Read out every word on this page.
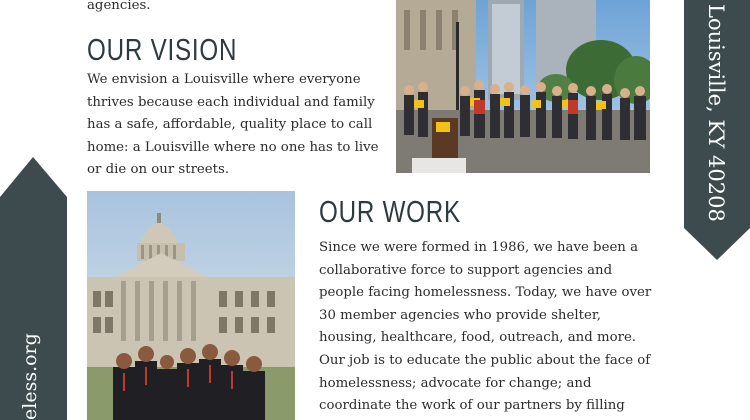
eless.org
Louisville, KY 40208
agencies.
OUR VISION
We envision a Louisville where everyone
thrives because each individual and family
has a safe, affordable, quality place to call
home: a Louisville where no one has to live
or die on our streets.
OUR WORK
Since we were formed in 1986, we have been a
collaborative force to support agencies and
people facing homelessness. Today, we have over
30 member agencies who provide shelter,
housing, healthcare, food, outreach, and more.
Our job is to educate the public about the face of
homelessness; advocate for change; and
coordinate the work of our partners by filling
